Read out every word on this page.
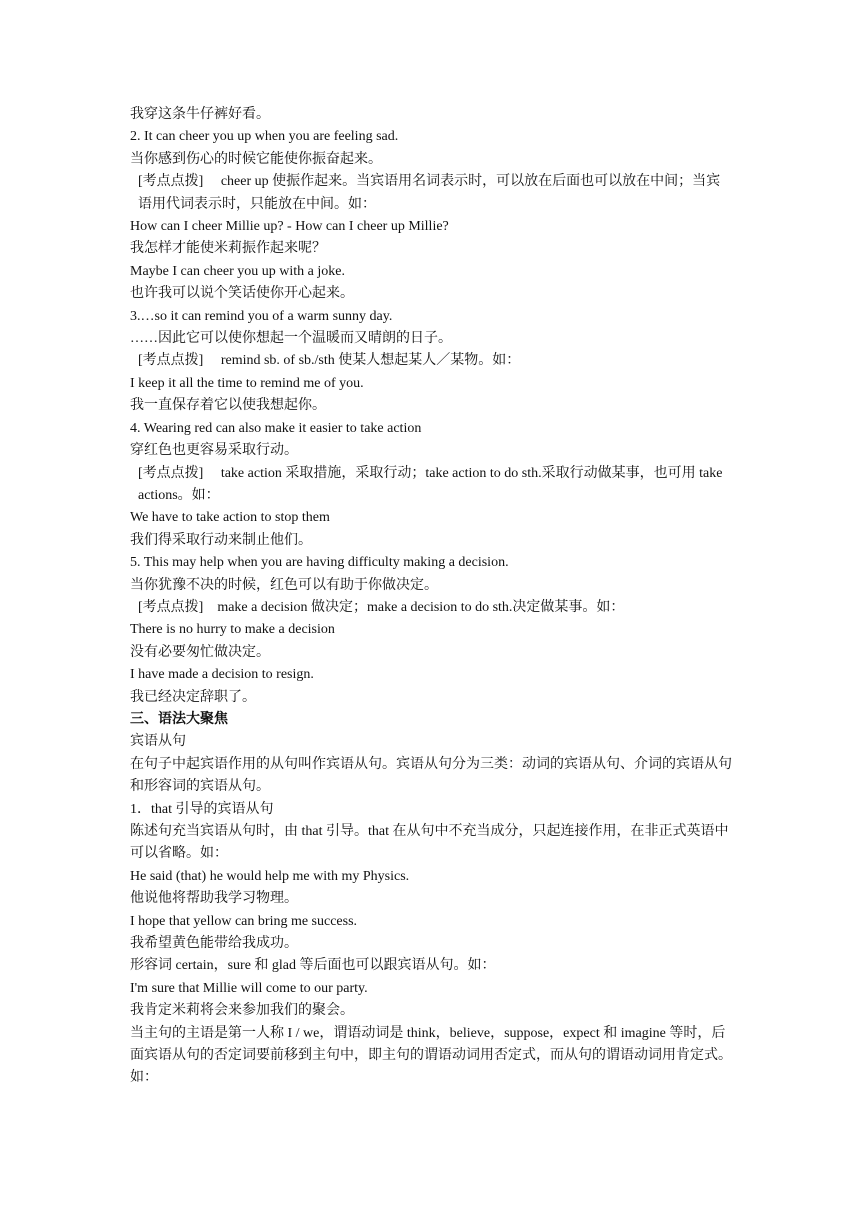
我穿这条牛仔裤好看。

2. It can cheer you up when you are feeling sad.

当你感到伤心的时候它能使你振奋起来。

[考点点拨]　 cheer up 使振作起来。当宾语用名词表示时，可以放在后面也可以放在中间；当宾语用代词表示时，只能放在中间。如：

How can I cheer Millie up? - How can I cheer up Millie?

我怎样才能使米莉振作起来呢？

Maybe I can cheer you up with a joke.

也许我可以说个笑话使你开心起来。

3.…so it can remind you of a warm sunny day.

……因此它可以使你想起一个温暖而又晴朗的日子。

[考点点拨]　 remind sb. of sb./sth 使某人想起某人／某物。如：

I keep it all the time to remind me of you.

我一直保存着它以使我想起你。

4. Wearing red can also make it easier to take action

穿红色也更容易采取行动。

[考点点拨]　 take action 采取措施，采取行动；take action to do sth.采取行动做某事，也可用 take actions。如：

We have to take action to stop them

我们得采取行动来制止他们。

5. This may help when you are having difficulty making a decision.

当你犹豫不决的时候，红色可以有助于你做决定。

[考点点拨]　make a decision 做决定；make a decision to do sth.决定做某事。如：

There is no hurry to make a decision

没有必要匆忙做决定。

I have made a decision to resign.

我已经决定辞职了。

三、语法大聚焦

宾语从句

在句子中起宾语作用的从句叫作宾语从句。宾语从句分为三类：动词的宾语从句、介词的宾语从句和形容词的宾语从句。

1．that 引导的宾语从句

陈述句充当宾语从句时，由 that 引导。that 在从句中不充当成分，只起连接作用，在非正式英语中可以省略。如：

He said (that) he would help me with my Physics.

他说他将帮助我学习物理。

I hope that yellow can bring me success.

我希望黄色能带给我成功。

形容词 certain，sure 和 glad 等后面也可以跟宾语从句。如：

I'm sure that Millie will come to our party.

我肯定米莉将会来参加我们的聚会。

当主句的主语是第一人称 I / we，谓语动词是 think，believe，suppose，expect 和 imagine 等时，后面宾语从句的否定词要前移到主句中，即主句的谓语动词用否定式，而从句的谓语动词用肯定式。如：
